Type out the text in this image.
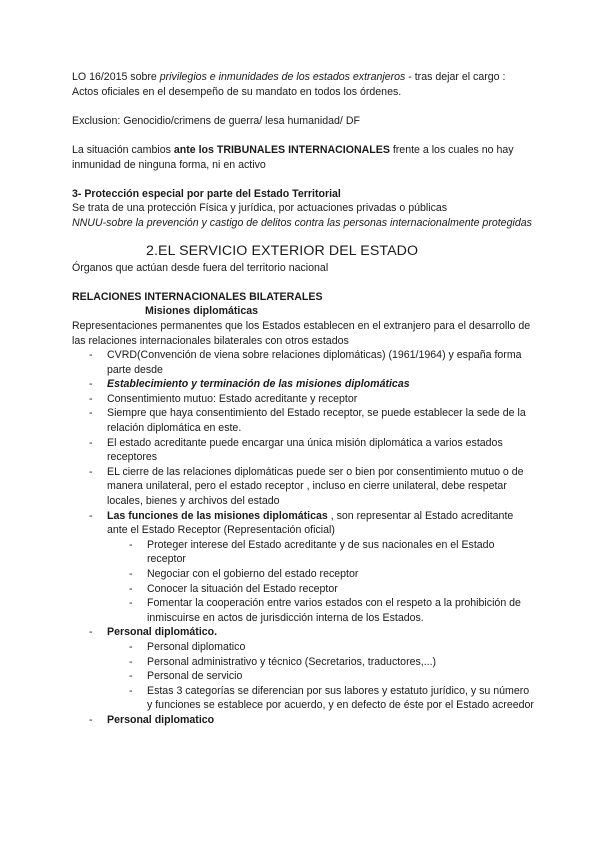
LO 16/2015 sobre privilegios e inmunidades de los estados extranjeros - tras dejar el cargo : Actos oficiales en el desempeño de su mandato en todos los órdenes.

Exclusion: Genocidio/crimens de guerra/ lesa humanidad/ DF

La situación cambios ante los TRIBUNALES INTERNACIONALES frente a los cuales no hay inmunidad de ninguna forma, ni en activo

3- Protección especial por parte del Estado Territorial

Se trata de una protección Física y jurídica, por actuaciones privadas o públicas

NNUU-sobre la prevención y castigo de delitos contra las personas internacionalmente protegidas

2.EL SERVICIO EXTERIOR DEL ESTADO

Órganos que actúan desde fuera del territorio nacional

RELACIONES INTERNACIONALES BILATERALES

Misiones diplomáticas

Representaciones permanentes que los Estados establecen en el extranjero para el desarrollo de las relaciones internacionales bilaterales con otros estados

- CVRD(Convención de viena sobre relaciones diplomáticas) (1961/1964) y españa forma parte desde
- Establecimiento y terminación de las misiones diplomáticas
- Consentimiento mutuo: Estado acreditante y receptor
- Siempre que haya consentimiento del Estado receptor, se puede establecer la sede de la relación diplomática en este.
- El estado acreditante puede encargar una única misión diplomática a varios estados receptores
- EL cierre de las relaciones diplomáticas puede ser o bien por consentimiento mutuo o de manera unilateral, pero el estado receptor , incluso en cierre unilateral, debe respetar locales, bienes y archivos del estado
- Las funciones de las misiones diplomáticas , son representar al Estado acreditante ante el Estado Receptor (Representación oficial)
- Proteger interese del Estado acreditante y de sus nacionales en el Estado receptor
- Negociar con el gobierno del estado receptor
- Conocer la situación del Estado receptor
- Fomentar la cooperación entre varios estados con el respeto a la prohibición de inmiscuirse en actos de jurisdicción interna de los Estados.
- Personal diplomático.
- Personal diplomatico
- Personal administrativo y técnico (Secretarios, traductores,...)
- Personal de servicio
- Estas 3 categorías se diferencian por sus labores y estatuto jurídico, y su número y funciones se establece por acuerdo, y en defecto de éste por el Estado acreedor
- Personal diplomatico
